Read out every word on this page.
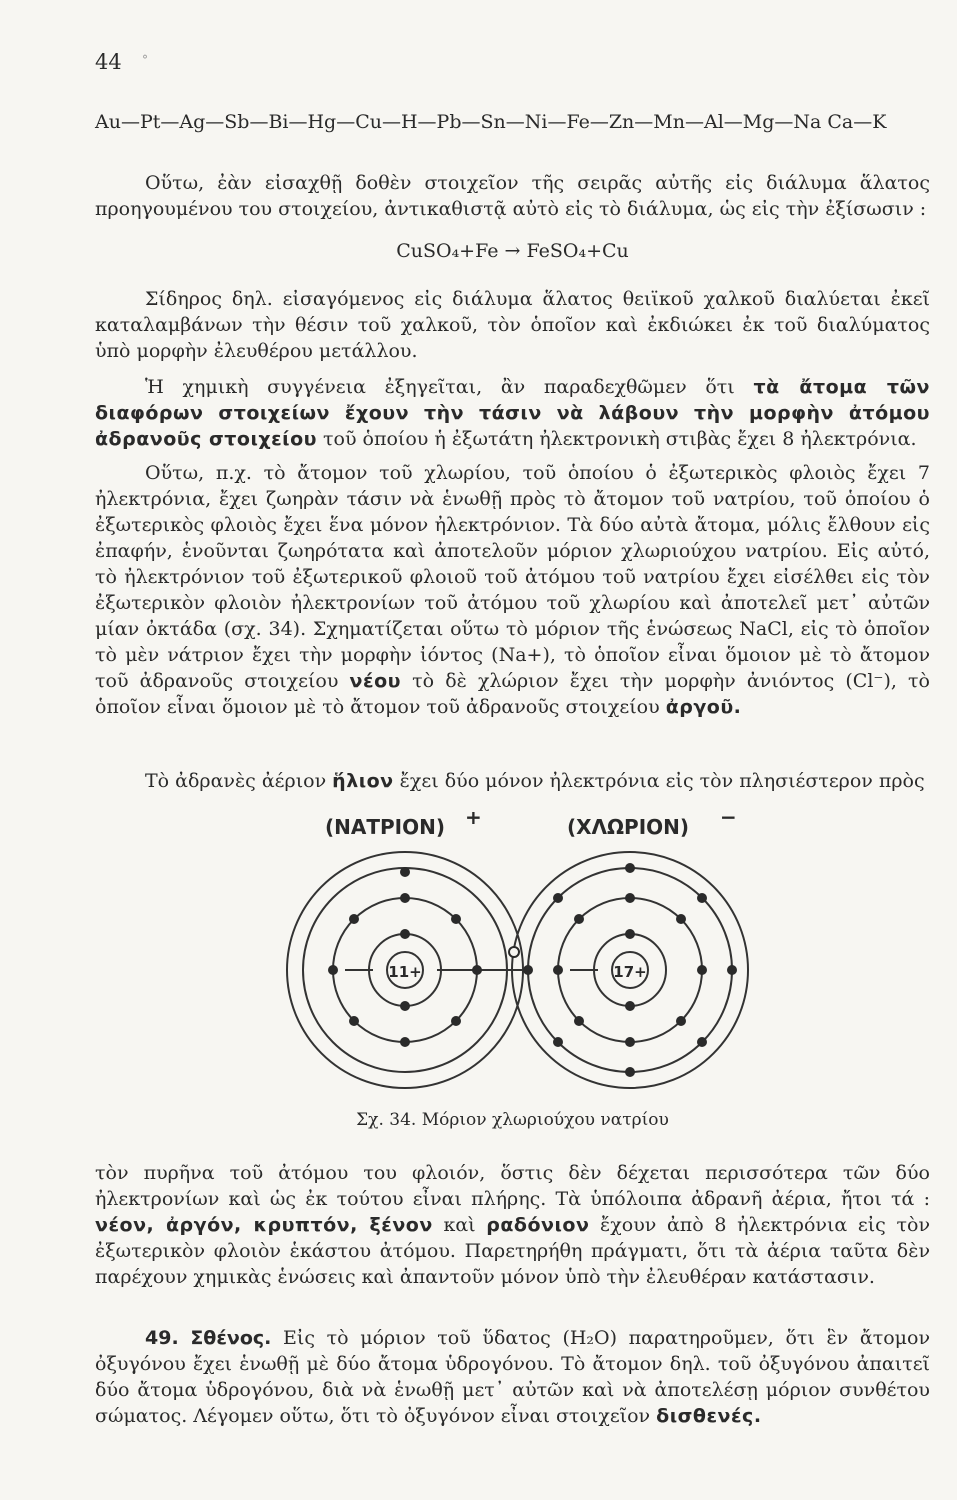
44 °
Au—Pt—Ag—Sb—Bi—Hg—Cu—H—Pb—Sn—Ni—Fe—Zn—Mn—Al—Mg—Na Ca—K
Οὕτω, ἐὰν εἰσαχθῇ δοθὲν στοιχεῖον τῆς σειρᾶς αὐτῆς εἰς διάλυμα ἅλατος προηγουμένου του στοιχείου, ἀντικαθιστᾷ αὐτὸ εἰς τὸ διάλυμα, ὡς εἰς τὴν ἐξίσωσιν :
CuSO₄+Fe → FeSO₄+Cu
Σίδηρος δηλ. εἰσαγόμενος εἰς διάλυμα ἅλατος θειϊκοῦ χαλκοῦ διαλύεται ἐκεῖ καταλαμβάνων τὴν θέσιν τοῦ χαλκοῦ, τὸν ὁποῖον καὶ ἐκδιώκει ἐκ τοῦ διαλύματος ὑπὸ μορφὴν ἐλευθέρου μετάλλου.
Ἡ χημικὴ συγγένεια ἐξηγεῖται, ἂν παραδεχθῶμεν ὅτι τὰ ἄτομα τῶν διαφόρων στοιχείων ἔχουν τὴν τάσιν νὰ λάβουν τὴν μορφὴν ἀτόμου ἀδρανοῦς στοιχείου τοῦ ὁποίου ἡ ἐξωτάτη ἠλεκτρονικὴ στιβὰς ἔχει 8 ἠλεκτρόνια.
Οὕτω, π.χ. τὸ ἄτομον τοῦ χλωρίου, τοῦ ὁποίου ὁ ἐξωτερικὸς φλοιὸς ἔχει 7 ἠλεκτρόνια, ἔχει ζωηρὰν τάσιν νὰ ἑνωθῇ πρὸς τὸ ἄτομον τοῦ νατρίου, τοῦ ὁποίου ὁ ἐξωτερικὸς φλοιὸς ἔχει ἕνα μόνον ἠλεκτρόνιον. Τὰ δύο αὐτὰ ἄτομα, μόλις ἔλθουν εἰς ἐπαφήν, ἑνοῦνται ζωηρότατα καὶ ἀποτελοῦν μόριον χλωριούχου νατρίου. Εἰς αὐτό, τὸ ἠλεκτρόνιον τοῦ ἐξωτερικοῦ φλοιοῦ τοῦ ἀτόμου τοῦ νατρίου ἔχει εἰσέλθει εἰς τὸν ἐξωτερικὸν φλοιὸν ἠλεκτρονίων τοῦ ἀτόμου τοῦ χλωρίου καὶ ἀποτελεῖ μετ᾽ αὐτῶν μίαν ὀκτάδα (σχ. 34). Σχηματίζεται οὕτω τὸ μόριον τῆς ἑνώσεως NaCl, εἰς τὸ ὁποῖον τὸ μὲν νάτριον ἔχει τὴν μορφὴν ἰόντος (Na+), τὸ ὁποῖον εἶναι ὅμοιον μὲ τὸ ἄτομον τοῦ ἀδρανοῦς στοιχείου νέου τὸ δὲ χλώριον ἔχει τὴν μορφὴν ἀνιόντος (Cl⁻), τὸ ὁποῖον εἶναι ὅμοιον μὲ τὸ ἄτομον τοῦ ἀδρανοῦς στοιχείου ἀργοῦ.
Τὸ ἀδρανὲς ἀέριον ἥλιον ἔχει δύο μόνον ἠλεκτρόνια εἰς τὸν πλησιέστερον πρὸς
(ΝΑΤΡΙΟΝ) +	(ΧΛΩΡΙΟΝ) −
11+	17+
Σχ. 34. Μόριον χλωριούχου νατρίου
τὸν πυρῆνα τοῦ ἀτόμου του φλοιόν, ὅστις δὲν δέχεται περισσότερα τῶν δύο ἠλεκτρονίων καὶ ὡς ἐκ τούτου εἶναι πλήρης. Τὰ ὑπόλοιπα ἀδρανῆ ἀέρια, ἤτοι τά : νέον, ἀργόν, κρυπτόν, ξένον καὶ ραδόνιον ἔχουν ἀπὸ 8 ἠλεκτρόνια εἰς τὸν ἐξωτερικὸν φλοιὸν ἑκάστου ἀτόμου. Παρετηρήθη πράγματι, ὅτι τὰ ἀέρια ταῦτα δὲν παρέχουν χημικὰς ἑνώσεις καὶ ἀπαντοῦν μόνον ὑπὸ τὴν ἐλευθέραν κατάστασιν.
49. Σθένος. Εἰς τὸ μόριον τοῦ ὕδατος (H₂O) παρατηροῦμεν, ὅτι ἓν ἄτομον ὀξυγόνου ἔχει ἑνωθῇ μὲ δύο ἄτομα ὑδρογόνου. Τὸ ἄτομον δηλ. τοῦ ὀξυγόνου ἀπαιτεῖ δύο ἄτομα ὑδρογόνου, διὰ νὰ ἑνωθῇ μετ᾽ αὐτῶν καὶ νὰ ἀποτελέσῃ μόριον συνθέτου σώματος. Λέγομεν οὕτω, ὅτι τὸ ὀξυγόνον εἶναι στοιχεῖον δισθενές.
